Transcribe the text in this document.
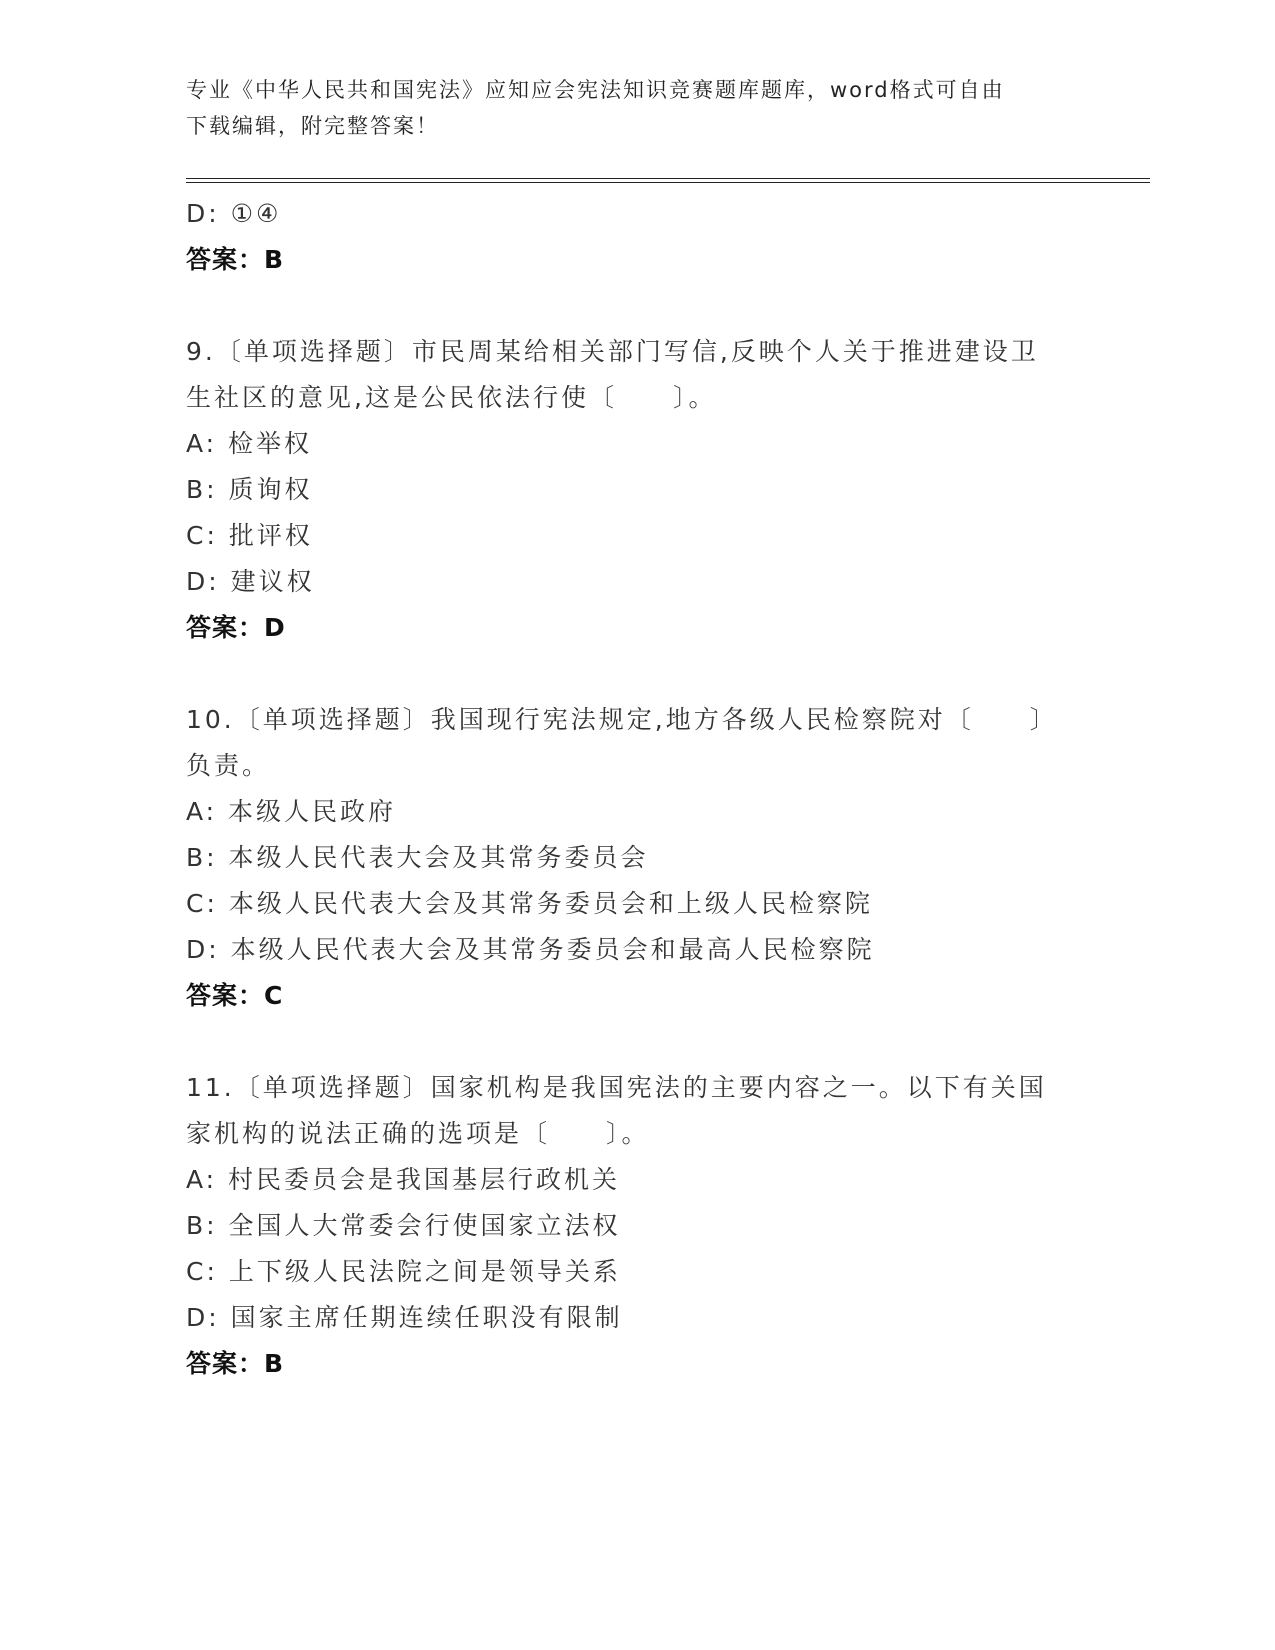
专业《中华人民共和国宪法》应知应会宪法知识竞赛题库题库，word格式可自由
下载编辑，附完整答案！
D: ①④
答案：B
9.〔单项选择题〕市民周某给相关部门写信,反映个人关于推进建设卫
生社区的意见,这是公民依法行使〔　　〕。
A: 检举权
B: 质询权
C: 批评权
D: 建议权
答案：D
10.〔单项选择题〕我国现行宪法规定,地方各级人民检察院对〔　　〕
负责。
A: 本级人民政府
B: 本级人民代表大会及其常务委员会
C: 本级人民代表大会及其常务委员会和上级人民检察院
D: 本级人民代表大会及其常务委员会和最高人民检察院
答案：C
11.〔单项选择题〕国家机构是我国宪法的主要内容之一。以下有关国
家机构的说法正确的选项是〔　　〕。
A: 村民委员会是我国基层行政机关
B: 全国人大常委会行使国家立法权
C: 上下级人民法院之间是领导关系
D: 国家主席任期连续任职没有限制
答案：B
